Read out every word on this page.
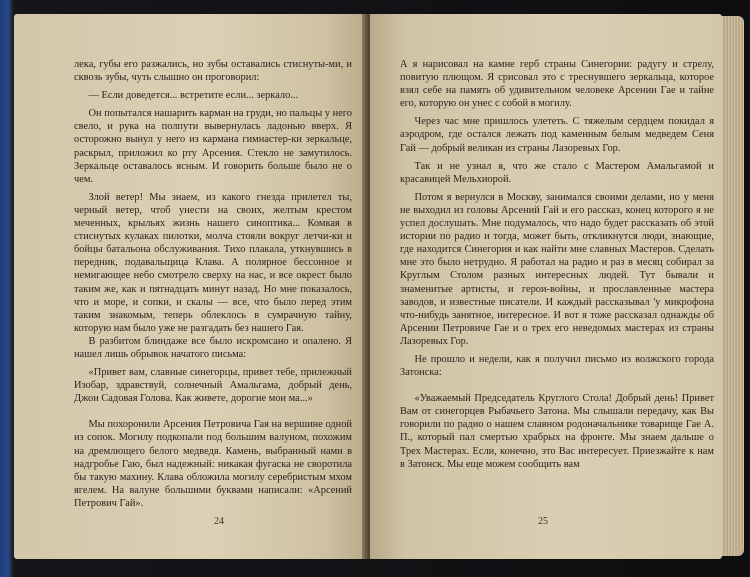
лека, губы его разжались, но зубы оставались стиснуты-ми, и сквозь зубы, чуть слышно он проговорил:

— Если доведется... встретите если... зеркало...

Он попытался нашарить карман на груди, но пальцы у него свело, и рука на полпути вывернулась ладонью вверх. Я осторожно вынул у него из кармана гимнастер-ки зеркальце, раскрыл, приложил ко рту Арсения. Стекло не замутилось. Зеркальце оставалось ясным. И говорить больше было не о чем.

Злой ветер! Мы знаем, из какого гнезда прилетел ты, черный ветер, чтоб унести на своих, желтым крестом меченных, крыльях жизнь нашего синоптика... Комкая в стиснутых кулаках пилотки, молча стояли вокруг летчи-ки и бойцы батальона обслуживания. Тихо плакала, уткнувшись в передник, подавальщица Клава. А полярное бессонное и немигающее небо смотрело сверху на нас, и все окрест было таким же, как и пятнадцать минут назад. Но мне показалось, что и море, и сопки, и скалы — все, что было перед этим таким знакомым, теперь облеклось в сумрачную тайну, которую нам было уже не разгадать без нашего Гая.

В разбитом блиндаже все было искромсано и опалено. Я нашел лишь обрывок начатого письма:

«Привет вам, славные синегорцы, привет тебе, прилежный Изобар, здравствуй, солнечный Амальгама, добрый день, Джон Садовая Голова. Как живете, дорогие мои ма...»

Мы похоронили Арсения Петровича Гая на вершине одной из сопок. Могилу подкопали под большим валуном, похожим на дремлющего белого медведя. Камень, выбранный нами в надгробье Гаю, был надежный: никакая фугаска не своротила бы такую махину. Клава обложила могилу серебристым мхом ягелем. На валуне большими буквами написали: «Арсений Петрович Гай».

24

А я нарисовал на камне герб страны Синегории: радугу и стрелу, повитую плющом. Я срисовал это с треснувшего зеркальца, которое взял себе на память об удивительном человеке Арсении Гае и тайне его, которую он унес с собой в могилу.

Через час мне пришлось улететь. С тяжелым сердцем покидал я аэродром, где остался лежать под каменным белым медведем Сеня Гай — добрый великан из страны Лазоревых Гор.

Так и не узнал я, что же стало с Мастером Амальгамой и красавицей Мельхиорой.

Потом я вернулся в Москву, занимался своими делами, но у меня не выходил из головы Арсений Гай и его рассказ, конец которого я не успел дослушать. Мне подумалось, что надо будет рассказать об этой истории по радио и тогда, может быть, откликнутся люди, знающие, где находится Синегория и как найти мне славных Мастеров. Сделать мне это было нетрудно. Я работал на радио и раз в месяц собирал за Круглым Столом разных интересных людей. Тут бывали и знаменитые артисты, и герои-войны, и прославленные мастера заводов, и известные писатели. И каждый рассказывал 'у микрофона что-нибудь занятное, интересное. И вот я тоже рассказал однажды об Арсении Петровиче Гае и о трех его неведомых мастерах из страны Лазоревых Гор.

Не прошло и недели, как я получил письмо из волжского города Затонска:

«Уважаемый Председатель Круглого Стола! Добрый день! Привет Вам от синегорцев Рыбачьего Затона. Мы слышали передачу, как Вы говорили по радио о нашем славном родоначальнике товарище Гае А. П., который пал смертью храбрых на фронте. Мы знаем дальше о Трех Мастерах. Если, конечно, это Вас интересует. Приезжайте к нам в Затонск. Мы еще можем сообщить вам

25
